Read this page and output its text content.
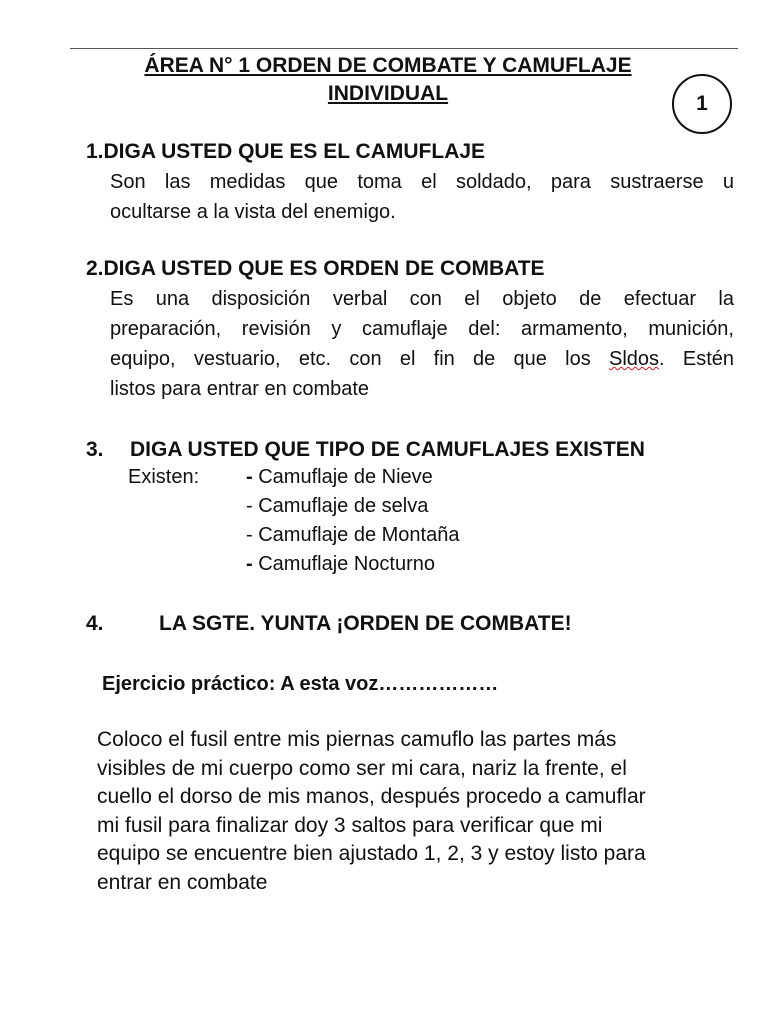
ÁREA N° 1 ORDEN DE COMBATE Y CAMUFLAJE
INDIVIDUAL	1
1.DIGA USTED QUE ES EL CAMUFLAJE
Son las medidas que toma el soldado, para sustraerse u
ocultarse a la vista del enemigo.
2.DIGA USTED QUE ES ORDEN DE COMBATE
Es una disposición verbal con el objeto de efectuar la
preparación, revisión y camuflaje del: armamento, munición,
equipo, vestuario, etc. con el fin de que los Sldos. Estén
listos para entrar en combate
3. DIGA USTED QUE TIPO DE CAMUFLAJES EXISTEN
Existen: - Camuflaje de Nieve
- Camuflaje de selva
- Camuflaje de Montaña
- Camuflaje Nocturno
4.	LA SGTE. YUNTA ¡ORDEN DE COMBATE!
Ejercicio práctico: A esta voz………………
Coloco el fusil entre mis piernas camuflo las partes más
visibles de mi cuerpo como ser mi cara, nariz la frente, el
cuello el dorso de mis manos, después procedo a camuflar
mi fusil para finalizar doy 3 saltos para verificar que mi
equipo se encuentre bien ajustado 1, 2, 3 y estoy listo para
entrar en combate
